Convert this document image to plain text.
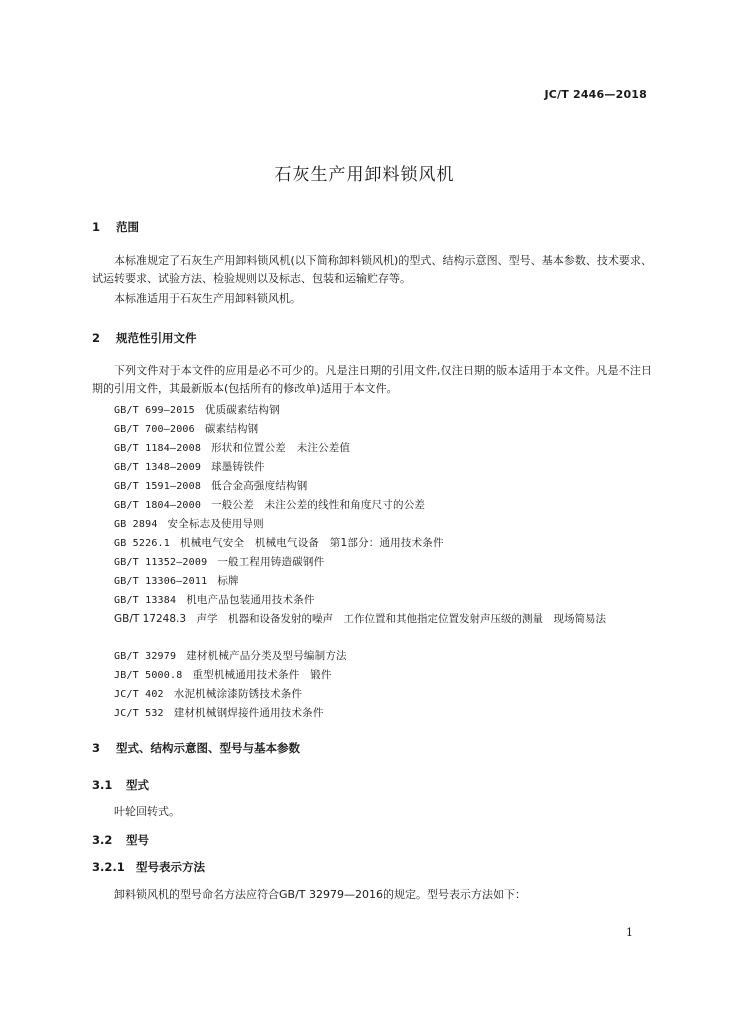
JC/T 2446—2018
石灰生产用卸料锁风机
1 范围
本标准规定了石灰生产用卸料锁风机(以下简称卸料锁风机)的型式、结构示意图、型号、基本参数、技术要求、试运转要求、试验方法、检验规则以及标志、包装和运输贮存等。
本标准适用于石灰生产用卸料锁风机。
2 规范性引用文件
下列文件对于本文件的应用是必不可少的。凡是注日期的引用文件,仅注日期的版本适用于本文件。凡是不注日期的引用文件，其最新版本(包括所有的修改单)适用于本文件。
GB/T 699—2015 优质碳素结构钢
GB/T 700—2006 碳素结构钢
GB/T 1184—2008 形状和位置公差　未注公差值
GB/T 1348—2009 球墨铸铁件
GB/T 1591—2008 低合金高强度结构钢
GB/T 1804—2000 一般公差　未注公差的线性和角度尺寸的公差
GB 2894 安全标志及使用导则
GB 5226.1 机械电气安全　机械电气设备　第1部分：通用技术条件
GB/T 11352—2009 一般工程用铸造碳钢件
GB/T 13306—2011 标牌
GB/T 13384 机电产品包装通用技术条件
GB/T 17248.3　声学　机器和设备发射的噪声　工作位置和其他指定位置发射声压级的测量　现场简易法
GB/T 32979 建材机械产品分类及型号编制方法
JB/T 5000.8 重型机械通用技术条件　锻件
JC/T 402 水泥机械涂漆防锈技术条件
JC/T 532 建材机械钢焊接件通用技术条件
3 型式、结构示意图、型号与基本参数
3.1 型式
叶轮回转式。
3.2 型号
3.2.1 型号表示方法
卸料锁风机的型号命名方法应符合GB/T 32979—2016的规定。型号表示方法如下：
1
